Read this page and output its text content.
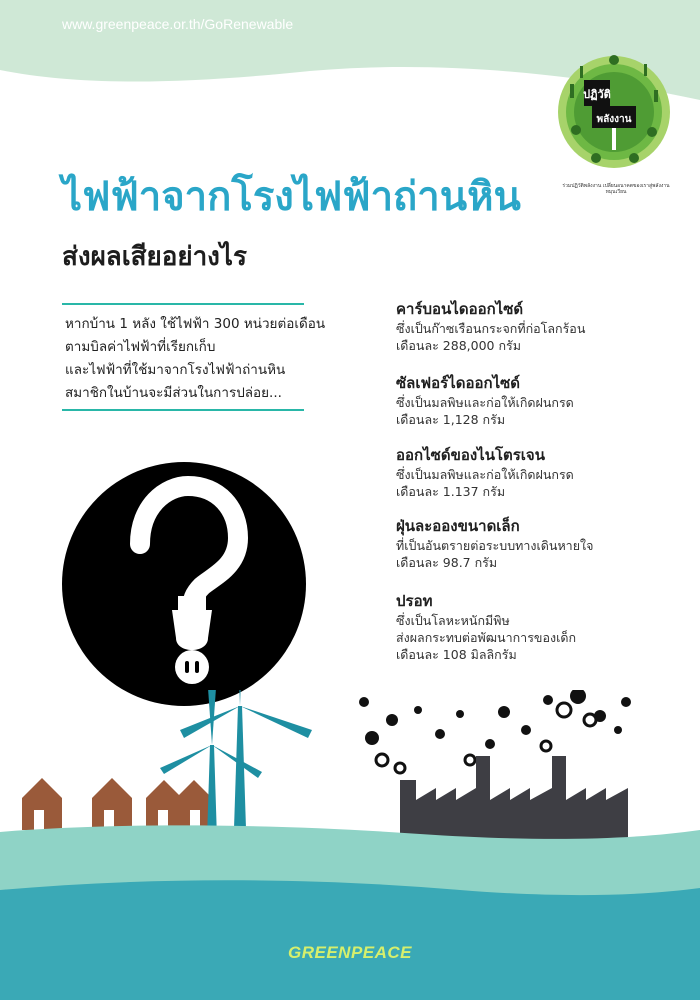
www.greenpeace.or.th/GoRenewable
ปฏิวัติ
พลังงาน
ร่วมปฏิวัติพลังงาน เปลี่ยนอนาคตของเราสู่พลังงานหมุนเวียน
ไฟฟ้าจากโรงไฟฟ้าถ่านหิน
ส่งผลเสียอย่างไร

หากบ้าน 1 หลัง ใช้ไฟฟ้า 300 หน่วยต่อเดือน

ตามบิลค่าไฟฟ้าที่เรียกเก็บ

และไฟฟ้าที่ใช้มาจากโรงไฟฟ้าถ่านหิน

สมาชิกในบ้านจะมีส่วนในการปล่อย...

คาร์บอนไดออกไซด์
ซึ่งเป็นก๊าซเรือนกระจกที่ก่อโลกร้อน
เดือนละ 288,000 กรัม
ซัลเฟอร์ไดออกไซด์
ซึ่งเป็นมลพิษและก่อให้เกิดฝนกรด
เดือนละ 1,128 กรัม
ออกไซด์ของไนโตรเจน
ซึ่งเป็นมลพิษและก่อให้เกิดฝนกรด
เดือนละ 1.137 กรัม
ฝุ่นละอองขนาดเล็ก
ที่เป็นอันตรายต่อระบบทางเดินหายใจ
เดือนละ 98.7 กรัม
ปรอท
ซึ่งเป็นโลหะหนักมีพิษ
ส่งผลกระทบต่อพัฒนาการของเด็ก
เดือนละ 108 มิลลิกรัม
GREENPEACE
